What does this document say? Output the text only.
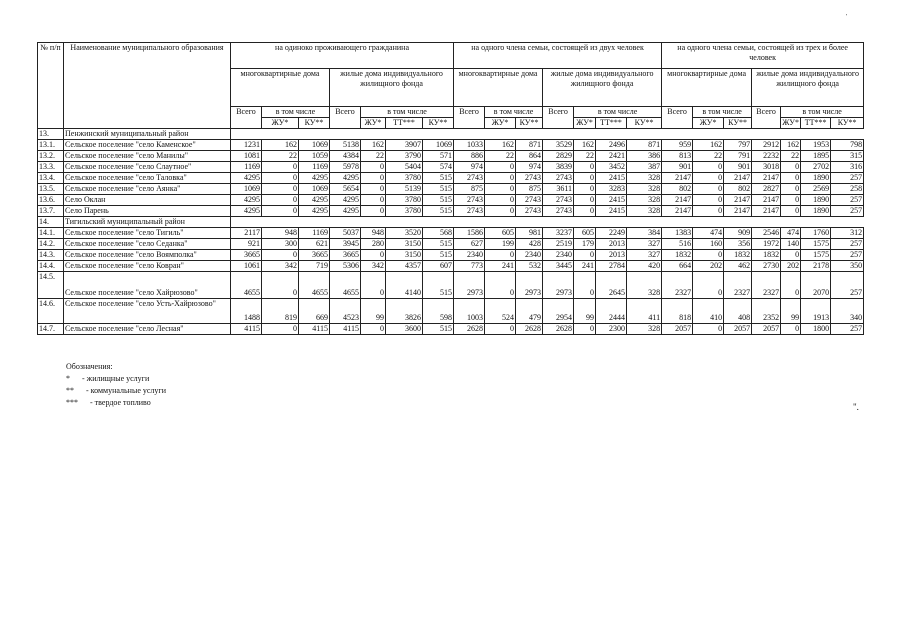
'
№ п/п	Наименование муниципального образования	на одиноко проживающего гражданина							на одного члена семьи, состоящей из двух человек							на одного члена семьи, состоящей из трех и более человек						
		многоквартирные дома			жилые дома индивидуального жилищного фонда				многоквартирные дома			жилые дома индивидуального жилищного фонда				многоквартирные дома			жилые дома индивидуального жилищного фонда			
		Всего	в том числе		Всего	в том числе			Всего	в том числе		Всего	в том числе			Всего	в том числе		Всего	в том числе		
			ЖУ*	КУ**		ЖУ*	ТТ***	КУ**		ЖУ*	КУ**		ЖУ*	ТТ***	КУ**		ЖУ*	КУ**		ЖУ*	ТТ***	КУ**
13.	Пенжинский муниципальный район																					
13.1.	Сельское поселение "село Каменское"	1231	162	1069	5138	162	3907	1069	1033	162	871	3529	162	2496	871	959	162	797	2912	162	1953	798
13.2.	Сельское поселение "село Манилы"	1081	22	1059	4384	22	3790	571	886	22	864	2829	22	2421	386	813	22	791	2232	22	1895	315
13.3.	Сельское поселение "село Слаутное"	1169	0	1169	5978	0	5404	574	974	0	974	3839	0	3452	387	901	0	901	3018	0	2702	316
13.4.	Сельское поселение "село Таловка"	4295	0	4295	4295	0	3780	515	2743	0	2743	2743	0	2415	328	2147	0	2147	2147	0	1890	257
13.5.	Сельское поселение "село Аянка"	1069	0	1069	5654	0	5139	515	875	0	875	3611	0	3283	328	802	0	802	2827	0	2569	258
13.6.	Село Оклан	4295	0	4295	4295	0	3780	515	2743	0	2743	2743	0	2415	328	2147	0	2147	2147	0	1890	257
13.7.	Село Парень	4295	0	4295	4295	0	3780	515	2743	0	2743	2743	0	2415	328	2147	0	2147	2147	0	1890	257
14.	Тигильский муниципальный район																					
14.1.	Сельское поселение "село Тигиль"	2117	948	1169	5037	948	3520	568	1586	605	981	3237	605	2249	384	1383	474	909	2546	474	1760	312
14.2.	Сельское поселение "село Седанка"	921	300	621	3945	280	3150	515	627	199	428	2519	179	2013	327	516	160	356	1972	140	1575	257
14.3.	Сельское поселение "село Воямполка"	3665	0	3665	3665	0	3150	515	2340	0	2340	2340	0	2013	327	1832	0	1832	1832	0	1575	257
14.4.	Сельское поселение "село Ковран"	1061	342	719	5306	342	4357	607	773	241	532	3445	241	2784	420	664	202	462	2730	202	2178	350
14.5.	Сельское поселение "село Хайрюзово"	4655	0	4655	4655	0	4140	515	2973	0	2973	2973	0	2645	328	2327	0	2327	2327	0	2070	257
14.6.	Сельское поселение "село Усть-Хайрюзово"	1488	819	669	4523	99	3826	598	1003	524	479	2954	99	2444	411	818	410	408	2352	99	1913	340
14.7.	Сельское поселение "село Лесная"	4115	0	4115	4115	0	3600	515	2628	0	2628	2628	0	2300	328	2057	0	2057	2057	0	1800	257
Обозначения:
* - жилищные услуги
** - коммунальные услуги
*** - твердое топливо	".
